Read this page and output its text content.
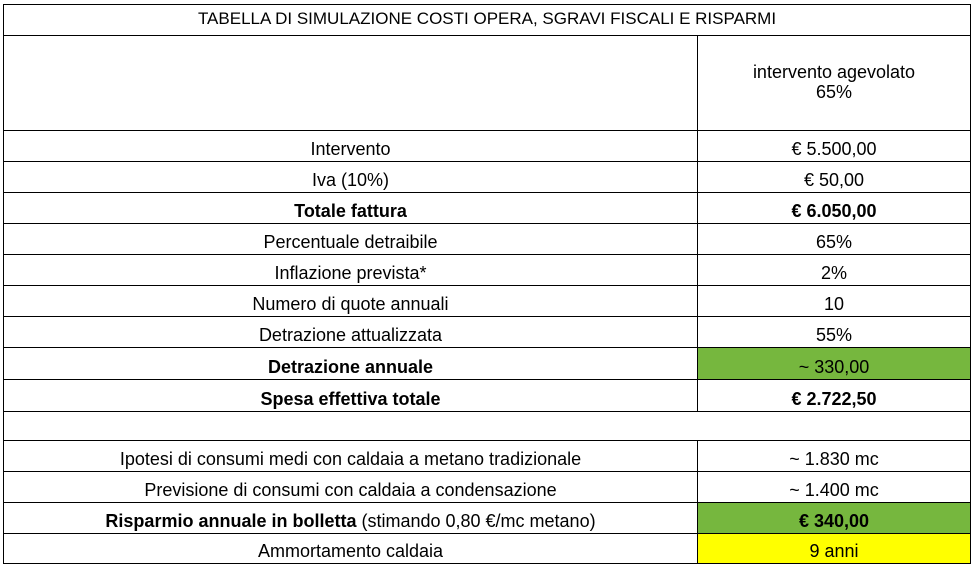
TABELLA DI SIMULAZIONE COSTI OPERA, SGRAVI FISCALI E RISPARMI	

	intervento agevolato
65%

Intervento	€ 5.500,00
Iva (10%)	€ 50,00
Totale fattura	€ 6.050,00
Percentuale detraibile	65%
Inflazione prevista*	2%
Numero di quote annuali	10
Detrazione attualizzata	55%
Detrazione annuale	~ 330,00
Spesa effettiva totale	€ 2.722,50

Ipotesi di consumi medi con caldaia a metano tradizionale	~ 1.830 mc
Previsione di consumi con caldaia a condensazione	~ 1.400 mc
Risparmio annuale in bolletta (stimando 0,80 €/mc metano)	€ 340,00
Ammortamento caldaia	9 anni
